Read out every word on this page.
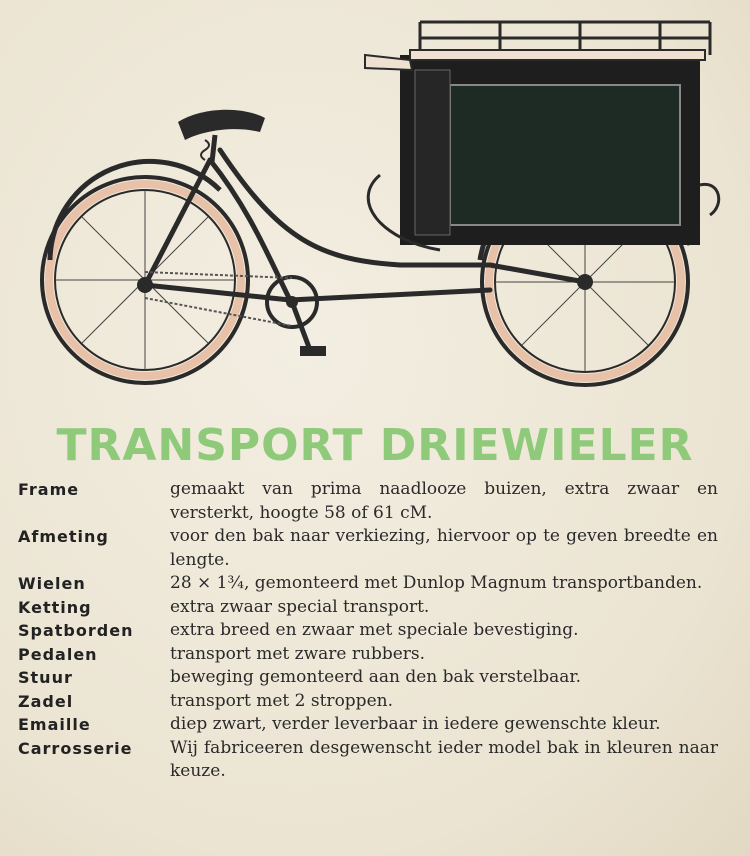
TRANSPORT DRIEWIELER
Frame	gemaakt van prima naadlooze buizen, extra zwaar en versterkt, hoogte 58 of 61 cM.
Afmeting	voor den bak naar verkiezing, hiervoor op te geven breedte en lengte.
Wielen	28 × 1¾, gemonteerd met Dunlop Magnum transportbanden.
Ketting	extra zwaar special transport.
Spatborden	extra breed en zwaar met speciale bevestiging.
Pedalen	transport met zware rubbers.
Stuur	beweging gemonteerd aan den bak verstelbaar.
Zadel	transport met 2 stroppen.
Emaille	diep zwart, verder leverbaar in iedere gewenschte kleur.
Carrosserie	Wij fabriceeren desgewenscht ieder model bak in kleuren naar keuze.
